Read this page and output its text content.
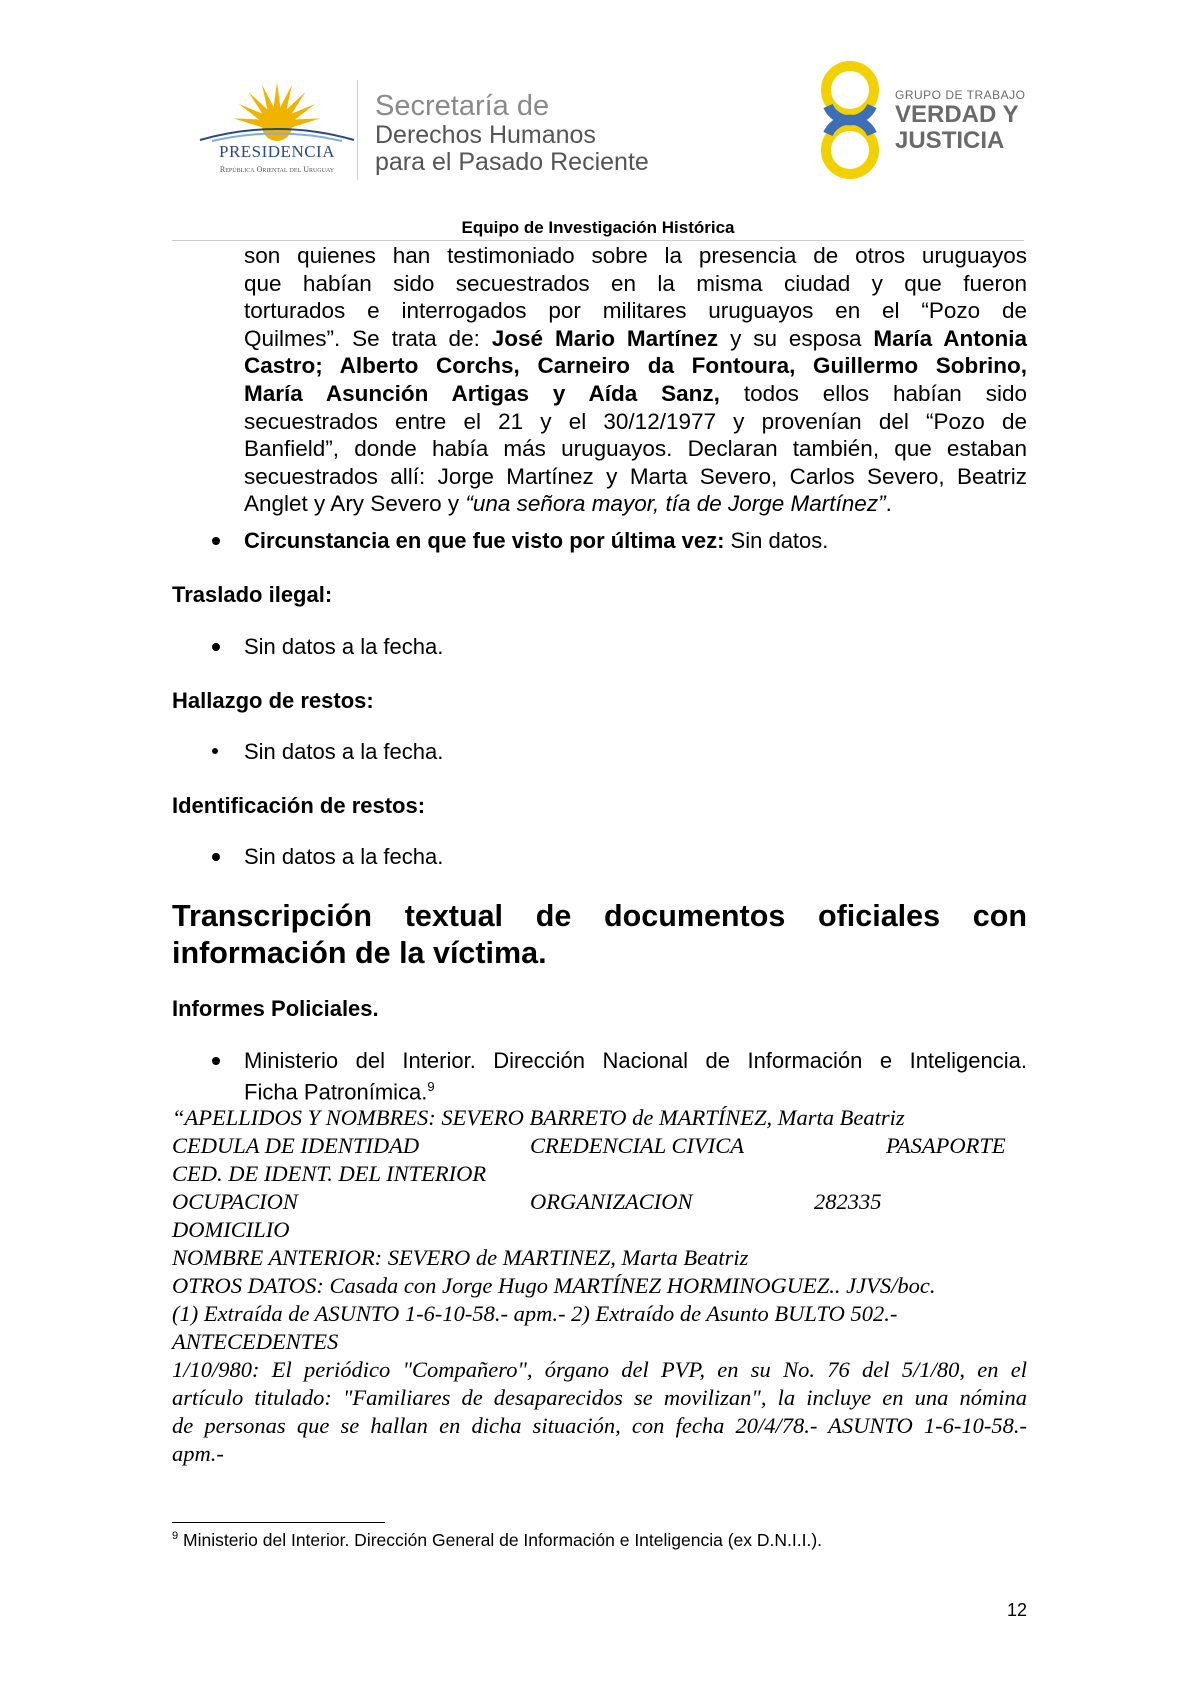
PRESIDENCIA
República Oriental del Uruguay
Secretaría de
Derechos Humanos
para el Pasado Reciente
GRUPO DE TRABAJO
VERDAD Y
JUSTICIA
Equipo de Investigación Histórica
son quienes han testimoniado sobre la presencia de otros uruguayos
que habían sido secuestrados en la misma ciudad y que fueron
torturados e interrogados por militares uruguayos en el “Pozo de
Quilmes”. Se trata de: José Mario Martínez y su esposa María Antonia
Castro; Alberto Corchs, Carneiro da Fontoura, Guillermo Sobrino,
María Asunción Artigas y Aída Sanz, todos ellos habían sido
secuestrados entre el 21 y el 30/12/1977 y provenían del “Pozo de
Banfield”, donde había más uruguayos. Declaran también, que estaban
secuestrados allí: Jorge Martínez y Marta Severo, Carlos Severo, Beatriz
Anglet y Ary Severo y “una señora mayor, tía de Jorge Martínez”.
Circunstancia en que fue visto por última vez: Sin datos.
Traslado ilegal:
Sin datos a la fecha.
Hallazgo de restos:
Sin datos a la fecha.
Identificación de restos:
Sin datos a la fecha.
Transcripción textual de documentos oficiales con
información de la víctima.
Informes Policiales.
Ministerio del Interior. Dirección Nacional de Información e Inteligencia.
Ficha Patronímica.$^9$
“APELLIDOS Y NOMBRES: SEVERO BARRETO de MARTÍNEZ, Marta Beatriz
CEDULA DE IDENTIDAD	CREDENCIAL CIVICA	PASAPORTE
CED. DE IDENT. DEL INTERIOR
OCUPACION	ORGANIZACION	282335
DOMICILIO
NOMBRE ANTERIOR: SEVERO de MARTINEZ, Marta Beatriz
OTROS DATOS: Casada con Jorge Hugo MARTÍNEZ HORMINOGUEZ.. JJVS/boc.
(1) Extraída de ASUNTO 1-6-10-58.- apm.- 2) Extraído de Asunto BULTO 502.-
ANTECEDENTES
1/10/980: El periódico "Compañero", órgano del PVP, en su No. 76 del 5/1/80, en el
artículo titulado: "Familiares de desaparecidos se movilizan", la incluye en una nómina
de personas que se hallan en dicha situación, con fecha 20/4/78.- ASUNTO 1-6-10-58.-
apm.-
$^9$ Ministerio del Interior. Dirección General de Información e Inteligencia (ex D.N.I.I.).
12
